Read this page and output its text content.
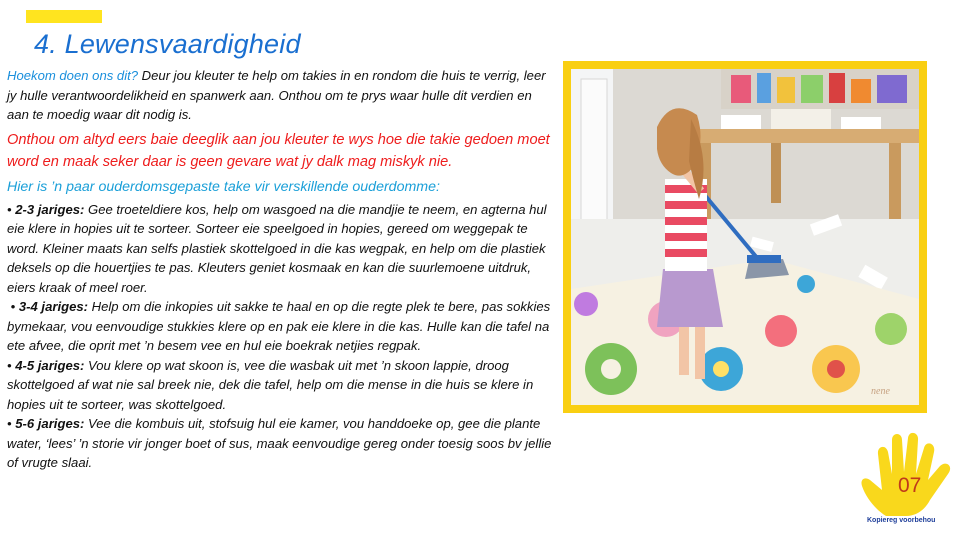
4. Lewensvaardigheid

Hoekom doen ons dit? Deur jou kleuter te help om takies in en rondom die huis te verrig, leer jy hulle verantwoordelikheid en spanwerk aan. Onthou om te prys waar hulle dit verdien en aan te moedig waar dit nodig is.

Onthou om altyd eers baie deeglik aan jou kleuter te wys hoe die takie gedoen moet word en maak seker daar is geen gevare wat jy dalk mag miskyk nie.

Hier is ’n paar ouderdomsgepaste take vir verskillende ouderdomme:

• 2-3 jariges: Gee troeteldiere kos, help om wasgoed na die mandjie te neem, en agterna hul eie klere in hopies uit te sorteer. Sorteer eie speelgoed in hopies, gereed om weggepak te word. Kleiner maats kan selfs plastiek skottelgoed in die kas wegpak, en help om die plastiek deksels op die houertjies te pas. Kleuters geniet kosmaak en kan die suurlemoene uitdruk, eiers kraak of meel roer.

• 3-4 jariges: Help om die inkopies uit sakke te haal en op die regte plek te bere, pas sokkies bymekaar, vou eenvoudige stukkies klere op en pak eie klere in die kas. Hulle kan die tafel na ete afvee, die oprit met ’n besem vee en hul eie boekrak netjies regpak.

• 4-5 jariges: Vou klere op wat skoon is, vee die wasbak uit met ’n skoon lappie, droog skottelgoed af wat nie sal breek nie, dek die tafel, help om die mense in die huis se klere in hopies uit te sorteer, was skottelgoed.

• 5-6 jariges: Vee die kombuis uit, stofsuig hul eie kamer, vou handdoeke op, gee die plante water, ‘lees’ ’n storie vir jonger boet of sus, maak eenvoudige gereg onder toesig soos bv jellie of vrugte slaai.

nene
07
Kopiereg voorbehou
